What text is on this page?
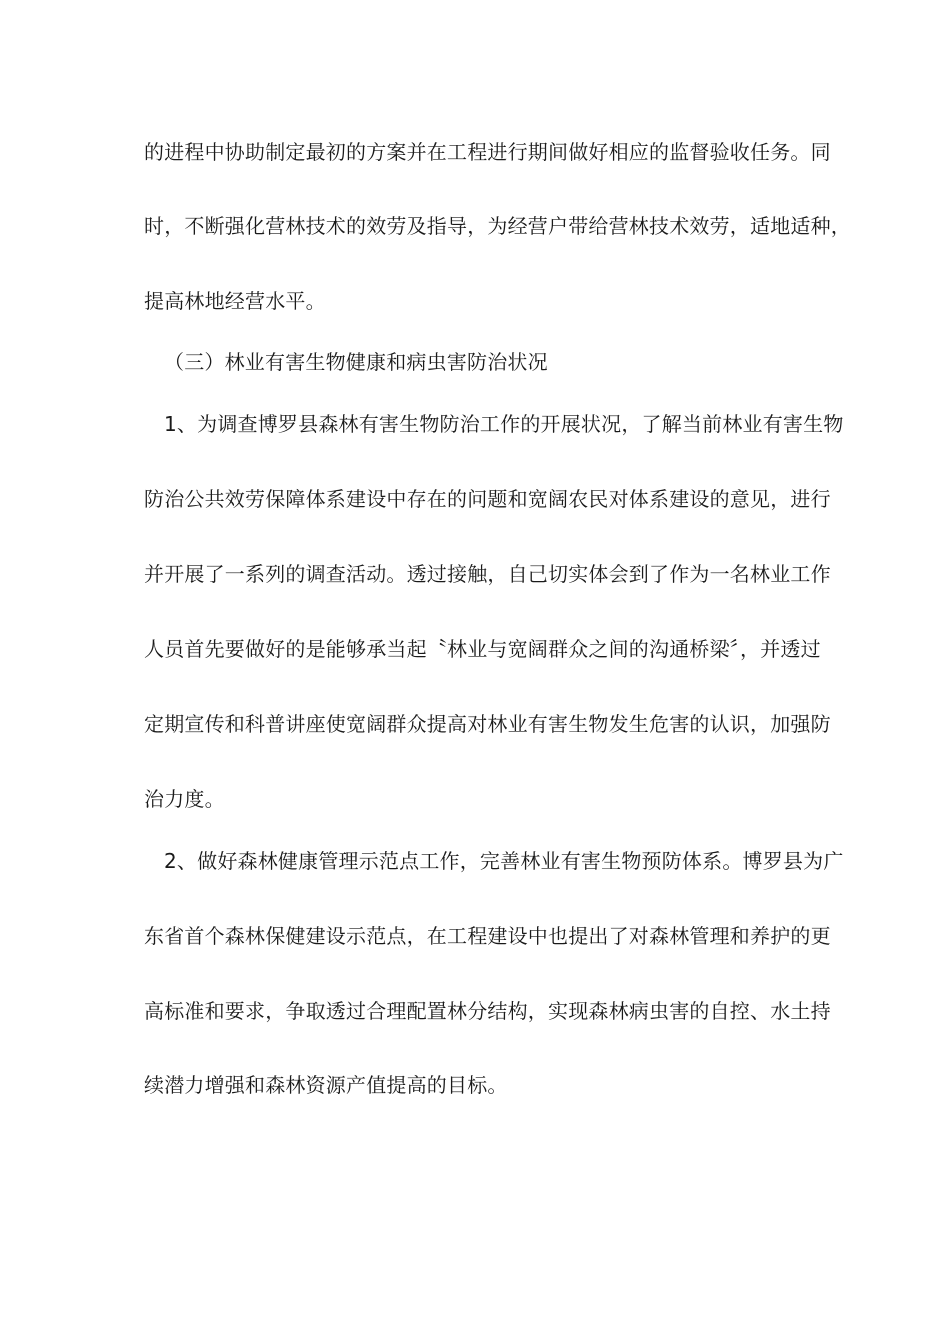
的进程中协助制定最初的方案并在工程进行期间做好相应的监督验收任务。同
时，不断强化营林技术的效劳及指导，为经营户带给营林技术效劳，适地适种，
提高林地经营水平。
（三）林业有害生物健康和病虫害防治状况
1、为调查博罗县森林有害生物防治工作的开展状况，了解当前林业有害生物
防治公共效劳保障体系建设中存在的问题和宽阔农民对体系建设的意见，进行
并开展了一系列的调查活动。透过接触，自己切实体会到了作为一名林业工作
人员首先要做好的是能够承当起〝林业与宽阔群众之间的沟通桥梁〞，并透过
定期宣传和科普讲座使宽阔群众提高对林业有害生物发生危害的认识，加强防
治力度。
2、做好森林健康管理示范点工作，完善林业有害生物预防体系。博罗县为广
东省首个森林保健建设示范点，在工程建设中也提出了对森林管理和养护的更
高标准和要求，争取透过合理配置林分结构，实现森林病虫害的自控、水土持
续潜力增强和森林资源产值提高的目标。
